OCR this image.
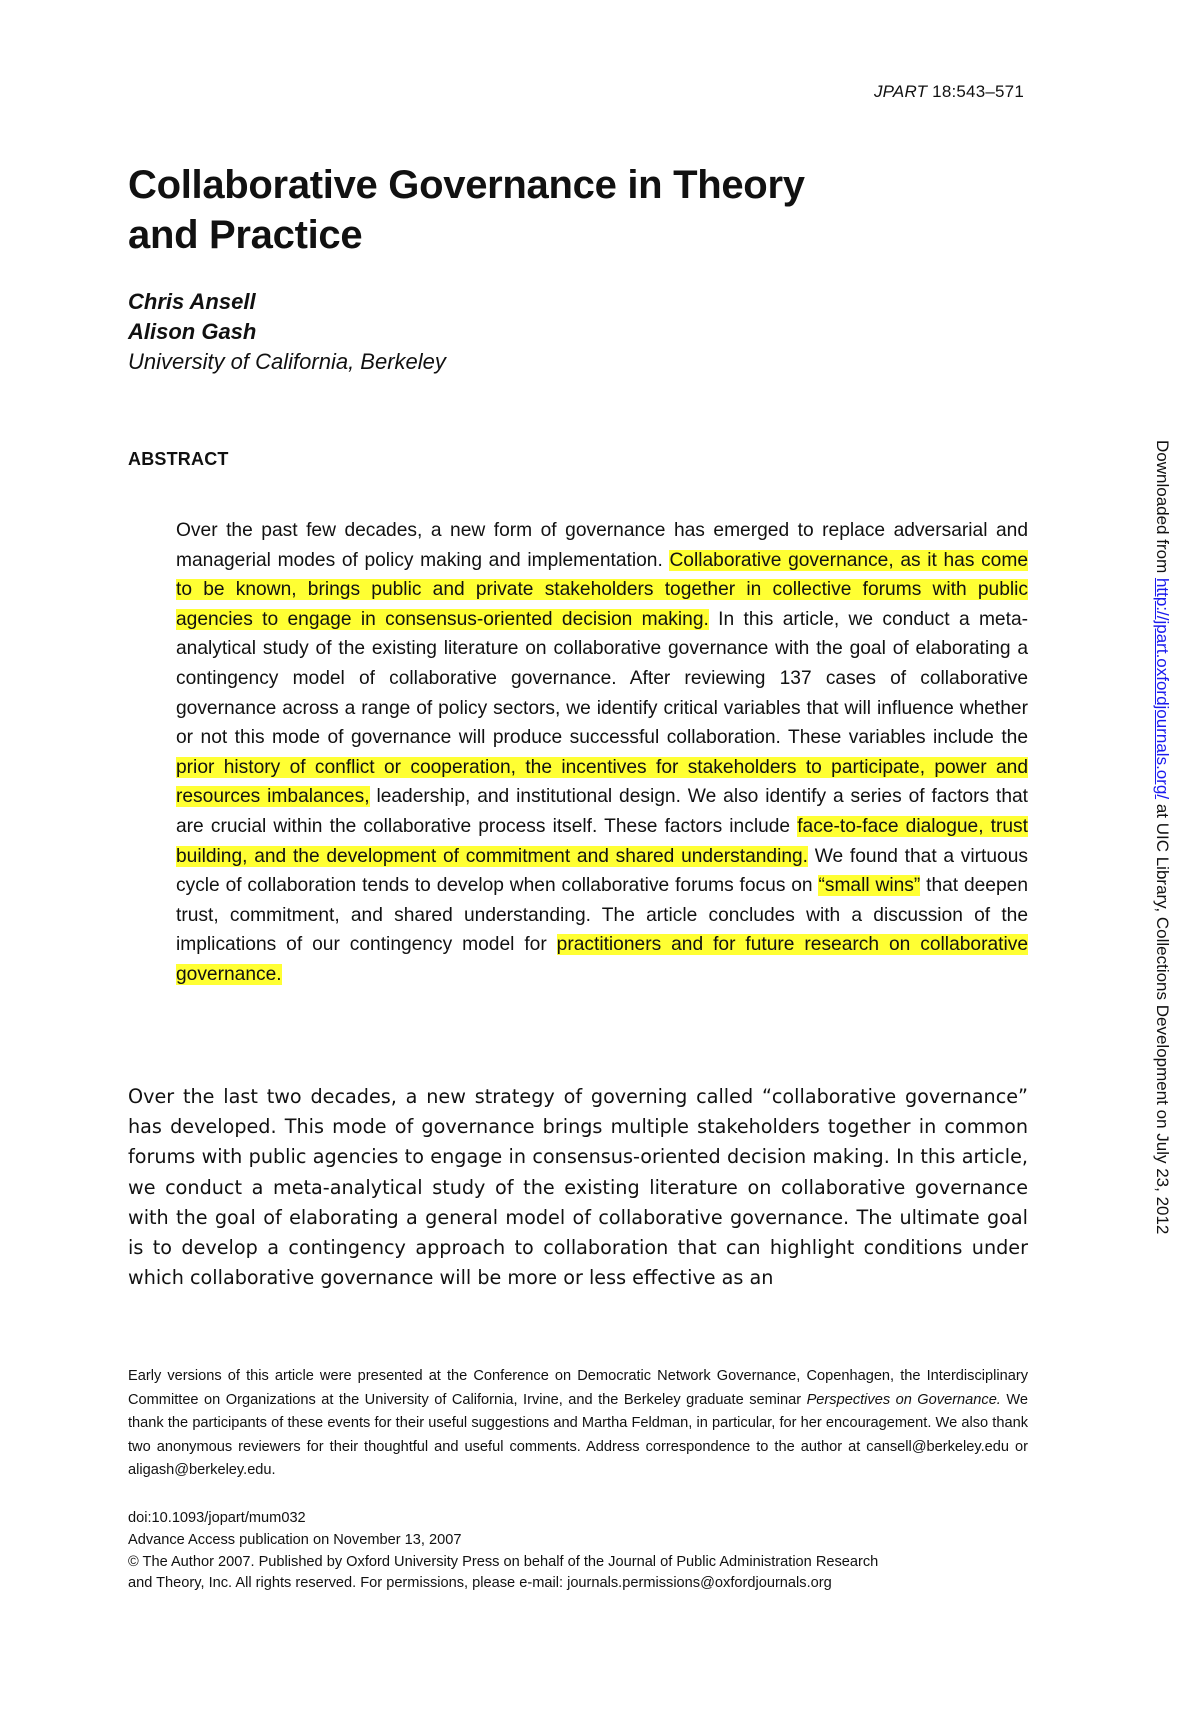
JPART 18:543–571
Collaborative Governance in Theory
and Practice
Chris Ansell
Alison Gash
University of California, Berkeley
ABSTRACT

Over the past few decades, a new form of governance has emerged to replace adversarial and managerial modes of policy making and implementation. Collaborative governance, as it has come to be known, brings public and private stakeholders together in collective forums with public agencies to engage in consensus-oriented decision making. In this article, we conduct a meta-analytical study of the existing literature on collaborative governance with the goal of elaborating a contingency model of collaborative governance. After reviewing 137 cases of collaborative governance across a range of policy sectors, we identify critical variables that will influence whether or not this mode of governance will produce successful collaboration. These variables include the prior history of conflict or cooperation, the incentives for stakeholders to participate, power and resources imbalances, leadership, and institutional design. We also identify a series of factors that are crucial within the collaborative process itself. These factors include face-to-face dialogue, trust building, and the development of commitment and shared understanding. We found that a virtuous cycle of collaboration tends to develop when collaborative forums focus on “small wins” that deepen trust, commitment, and shared understanding. The article concludes with a discussion of the implications of our contingency model for practitioners and for future research on collaborative governance.

Over the last two decades, a new strategy of governing called “collaborative governance” has developed. This mode of governance brings multiple stakeholders together in common forums with public agencies to engage in consensus-oriented decision making. In this article, we conduct a meta-analytical study of the existing literature on collaborative governance with the goal of elaborating a general model of collaborative governance. The ultimate goal is to develop a contingency approach to collaboration that can highlight conditions under which collaborative governance will be more or less effective as an

Early versions of this article were presented at the Conference on Democratic Network Governance, Copenhagen, the Interdisciplinary Committee on Organizations at the University of California, Irvine, and the Berkeley graduate seminar Perspectives on Governance. We thank the participants of these events for their useful suggestions and Martha Feldman, in particular, for her encouragement. We also thank two anonymous reviewers for their thoughtful and useful comments. Address correspondence to the author at cansell@berkeley.edu or aligash@berkeley.edu.

doi:10.1093/jopart/mum032
Advance Access publication on November 13, 2007
© The Author 2007. Published by Oxford University Press on behalf of the Journal of Public Administration Research
and Theory, Inc. All rights reserved. For permissions, please e-mail: journals.permissions@oxfordjournals.org
Downloaded from http://jpart.oxfordjournals.org/ at UIC Library, Collections Development on July 23, 2012
